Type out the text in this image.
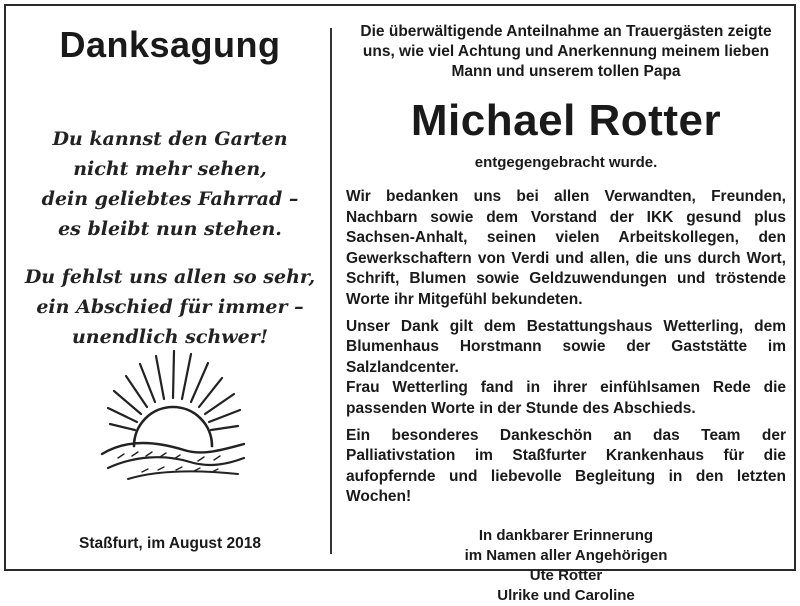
Danksagung
Du kannst den Garten
nicht mehr sehen,
dein geliebtes Fahrrad –
es bleibt nun stehen.
Du fehlst uns allen so sehr,
ein Abschied für immer –
unendlich schwer!
Staßfurt, im August 2018
Die überwältigende Anteilnahme an Trauergästen zeigte
uns, wie viel Achtung und Anerkennung meinem lieben
Mann und unserem tollen Papa
Michael Rotter
entgegengebracht wurde.

Wir bedanken uns bei allen Verwandten, Freunden, Nachbarn sowie dem Vorstand der IKK gesund plus Sachsen-Anhalt, seinen vielen Arbeitskollegen, den Gewerkschaftern von Verdi und allen, die uns durch Wort, Schrift, Blumen sowie Geldzuwendungen und tröstende Worte ihr Mitgefühl bekundeten.

Unser Dank gilt dem Bestattungshaus Wetterling, dem Blumenhaus Horstmann sowie der Gaststätte im Salzlandcenter.

Frau Wetterling fand in ihrer einfühlsamen Rede die passenden Worte in der Stunde des Abschieds.

Ein besonderes Dankeschön an das Team der Palliativstation im Staßfurter Krankenhaus für die aufopfernde und liebevolle Begleitung in den letzten Wochen!

In dankbarer Erinnerung
im Namen aller Angehörigen
Ute Rotter
Ulrike und Caroline
